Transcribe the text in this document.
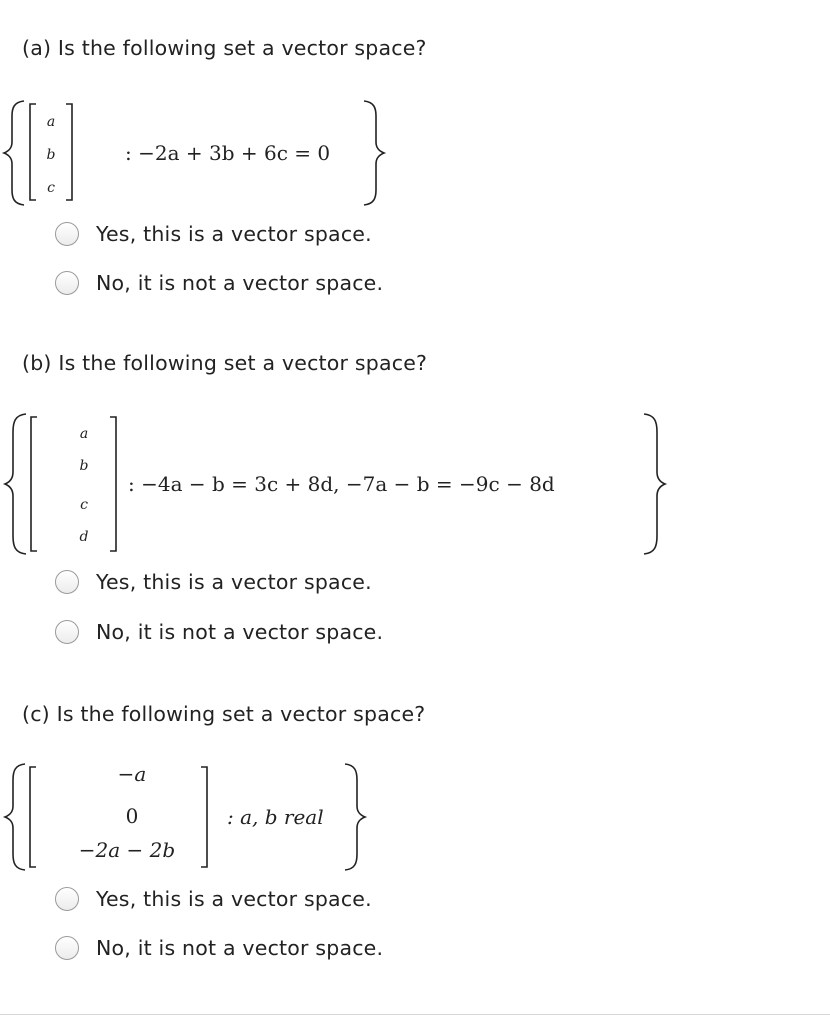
(a) Is the following set a vector space?
a
b
c
: −2a + 3b + 6c = 0
Yes, this is a vector space.
No, it is not a vector space.
(b) Is the following set a vector space?
a
b
c
d
: −4a − b = 3c + 8d, −7a − b = −9c − 8d
Yes, this is a vector space.
No, it is not a vector space.
(c) Is the following set a vector space?
−a
0
−2a − 2b
: a, b real
Yes, this is a vector space.
No, it is not a vector space.
